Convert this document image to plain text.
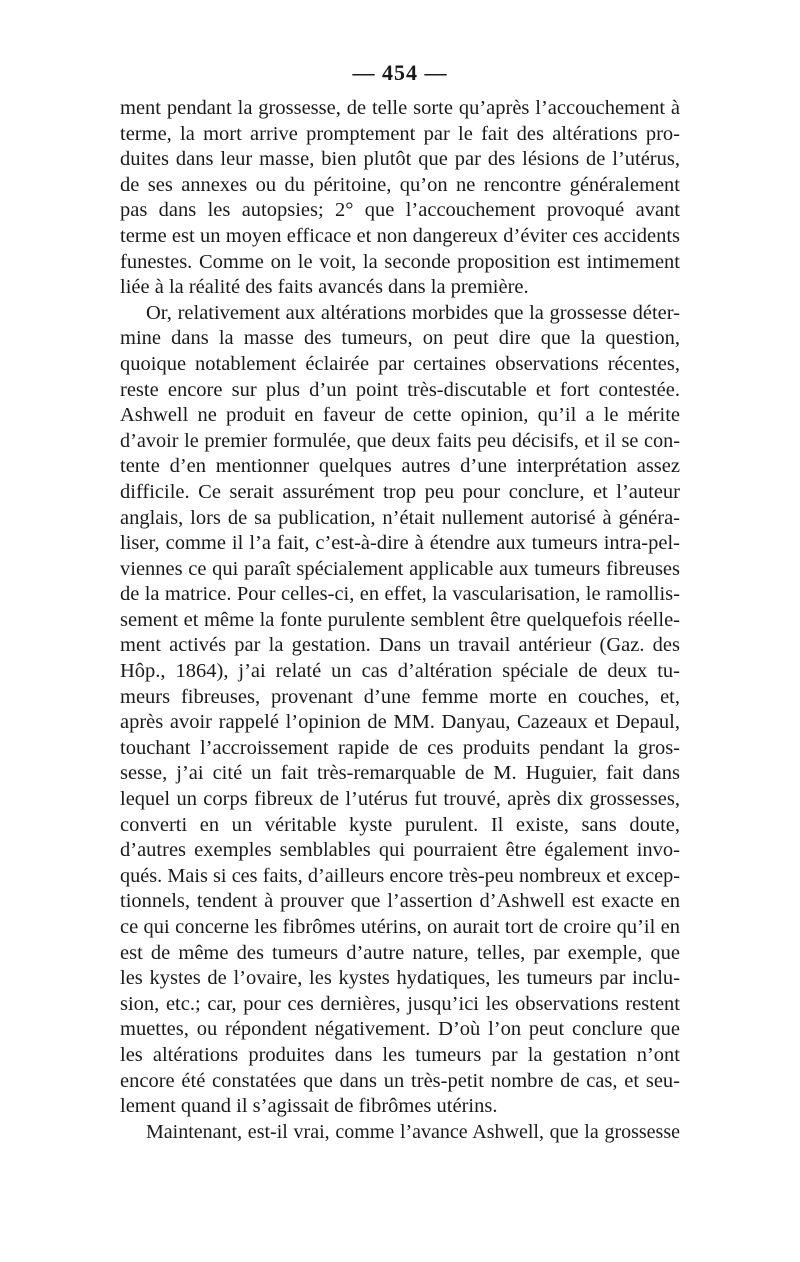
— 454 —
ment pendant la grossesse, de telle sorte qu’après l’accouchement à
terme, la mort arrive promptement par le fait des altérations pro-
duites dans leur masse, bien plutôt que par des lésions de l’utérus,
de ses annexes ou du péritoine, qu’on ne rencontre généralement
pas dans les autopsies; 2° que l’accouchement provoqué avant
terme est un moyen efficace et non dangereux d’éviter ces accidents
funestes. Comme on le voit, la seconde proposition est intimement
liée à la réalité des faits avancés dans la première.
Or, relativement aux altérations morbides que la grossesse déter-
mine dans la masse des tumeurs, on peut dire que la question,
quoique notablement éclairée par certaines observations récentes,
reste encore sur plus d’un point très-discutable et fort contestée.
Ashwell ne produit en faveur de cette opinion, qu’il a le mérite
d’avoir le premier formulée, que deux faits peu décisifs, et il se con-
tente d’en mentionner quelques autres d’une interprétation assez
difficile. Ce serait assurément trop peu pour conclure, et l’auteur
anglais, lors de sa publication, n’était nullement autorisé à généra-
liser, comme il l’a fait, c’est-à-dire à étendre aux tumeurs intra-pel-
viennes ce qui paraît spécialement applicable aux tumeurs fibreuses
de la matrice. Pour celles-ci, en effet, la vascularisation, le ramollis-
sement et même la fonte purulente semblent être quelquefois réelle-
ment activés par la gestation. Dans un travail antérieur (Gaz. des
Hôp., 1864), j’ai relaté un cas d’altération spéciale de deux tu-
meurs fibreuses, provenant d’une femme morte en couches, et,
après avoir rappelé l’opinion de MM. Danyau, Cazeaux et Depaul,
touchant l’accroissement rapide de ces produits pendant la gros-
sesse, j’ai cité un fait très-remarquable de M. Huguier, fait dans
lequel un corps fibreux de l’utérus fut trouvé, après dix grossesses,
converti en un véritable kyste purulent. Il existe, sans doute,
d’autres exemples semblables qui pourraient être également invo-
qués. Mais si ces faits, d’ailleurs encore très-peu nombreux et excep-
tionnels, tendent à prouver que l’assertion d’Ashwell est exacte en
ce qui concerne les fibrômes utérins, on aurait tort de croire qu’il en
est de même des tumeurs d’autre nature, telles, par exemple, que
les kystes de l’ovaire, les kystes hydatiques, les tumeurs par inclu-
sion, etc.; car, pour ces dernières, jusqu’ici les observations restent
muettes, ou répondent négativement. D’où l’on peut conclure que
les altérations produites dans les tumeurs par la gestation n’ont
encore été constatées que dans un très-petit nombre de cas, et seu-
lement quand il s’agissait de fibrômes utérins.
Maintenant, est-il vrai, comme l’avance Ashwell, que la grossesse
